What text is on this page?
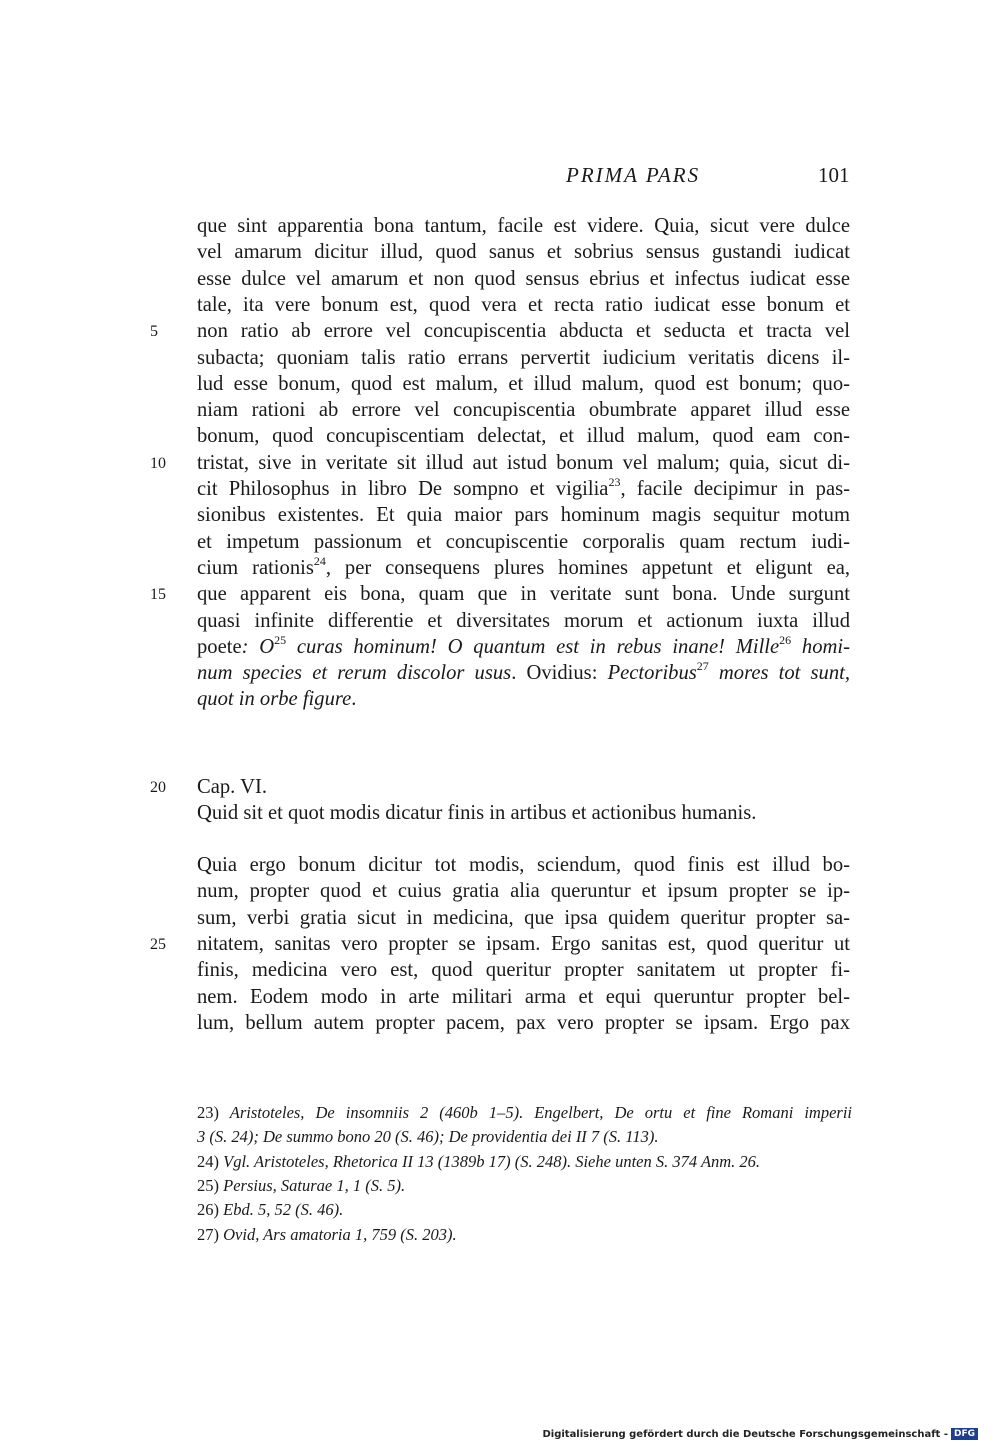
PRIMA PARS	101
que sint apparentia bona tantum, facile est videre. Quia, sicut vere dulce
vel amarum dicitur illud, quod sanus et sobrius sensus gustandi iudicat
esse dulce vel amarum et non quod sensus ebrius et infectus iudicat esse
tale, ita vere bonum est, quod vera et recta ratio iudicat esse bonum et
non ratio ab errore vel concupiscentia abducta et seducta et tracta vel
5
subacta; quoniam talis ratio errans pervertit iudicium veritatis dicens il-
lud esse bonum, quod est malum, et illud malum, quod est bonum; quo-
niam rationi ab errore vel concupiscentia obumbrate apparet illud esse
bonum, quod concupiscentiam delectat, et illud malum, quod eam con-
tristat, sive in veritate sit illud aut istud bonum vel malum; quia, sicut di-
10
cit Philosophus in libro De sompno et vigilia$^{23}$, facile decipimur in pas-
sionibus existentes. Et quia maior pars hominum magis sequitur motum
et impetum passionum et concupiscentie corporalis quam rectum iudi-
cium rationis$^{24}$, per consequens plures homines appetunt et eligunt ea,
que apparent eis bona, quam que in veritate sunt bona. Unde surgunt
15
quasi infinite differentie et diversitates morum et actionum iuxta illud
poete: $O^{25}$ curas hominum! O quantum est in rebus inane! Mille$^{26}$ homi-
num species et rerum discolor usus. Ovidius: Pectoribus$^{27}$ mores tot sunt,
quot in orbe figure.
20	Cap. VI.
Quid sit et quot modis dicatur finis in artibus et actionibus humanis.
Quia ergo bonum dicitur tot modis, sciendum, quod finis est illud bo-
num, propter quod et cuius gratia alia queruntur et ipsum propter se ip-
sum, verbi gratia sicut in medicina, que ipsa quidem queritur propter sa-
nitatem, sanitas vero propter se ipsam. Ergo sanitas est, quod queritur ut
25
finis, medicina vero est, quod queritur propter sanitatem ut propter fi-
nem. Eodem modo in arte militari arma et equi queruntur propter bel-
lum, bellum autem propter pacem, pax vero propter se ipsam. Ergo pax
23) Aristoteles, De insomniis 2 (460b 1–5). Engelbert, De ortu et fine Romani imperii
3 (S. 24); De summo bono 20 (S. 46); De providentia dei II 7 (S. 113).
24) Vgl. Aristoteles, Rhetorica II 13 (1389b 17) (S. 248). Siehe unten S. 374 Anm. 26.
25) Persius, Saturae 1, 1 (S. 5).
26) Ebd. 5, 52 (S. 46).
27) Ovid, Ars amatoria 1, 759 (S. 203).
Digitalisierung gefördert durch die Deutsche Forschungsgemeinschaft - DFG
